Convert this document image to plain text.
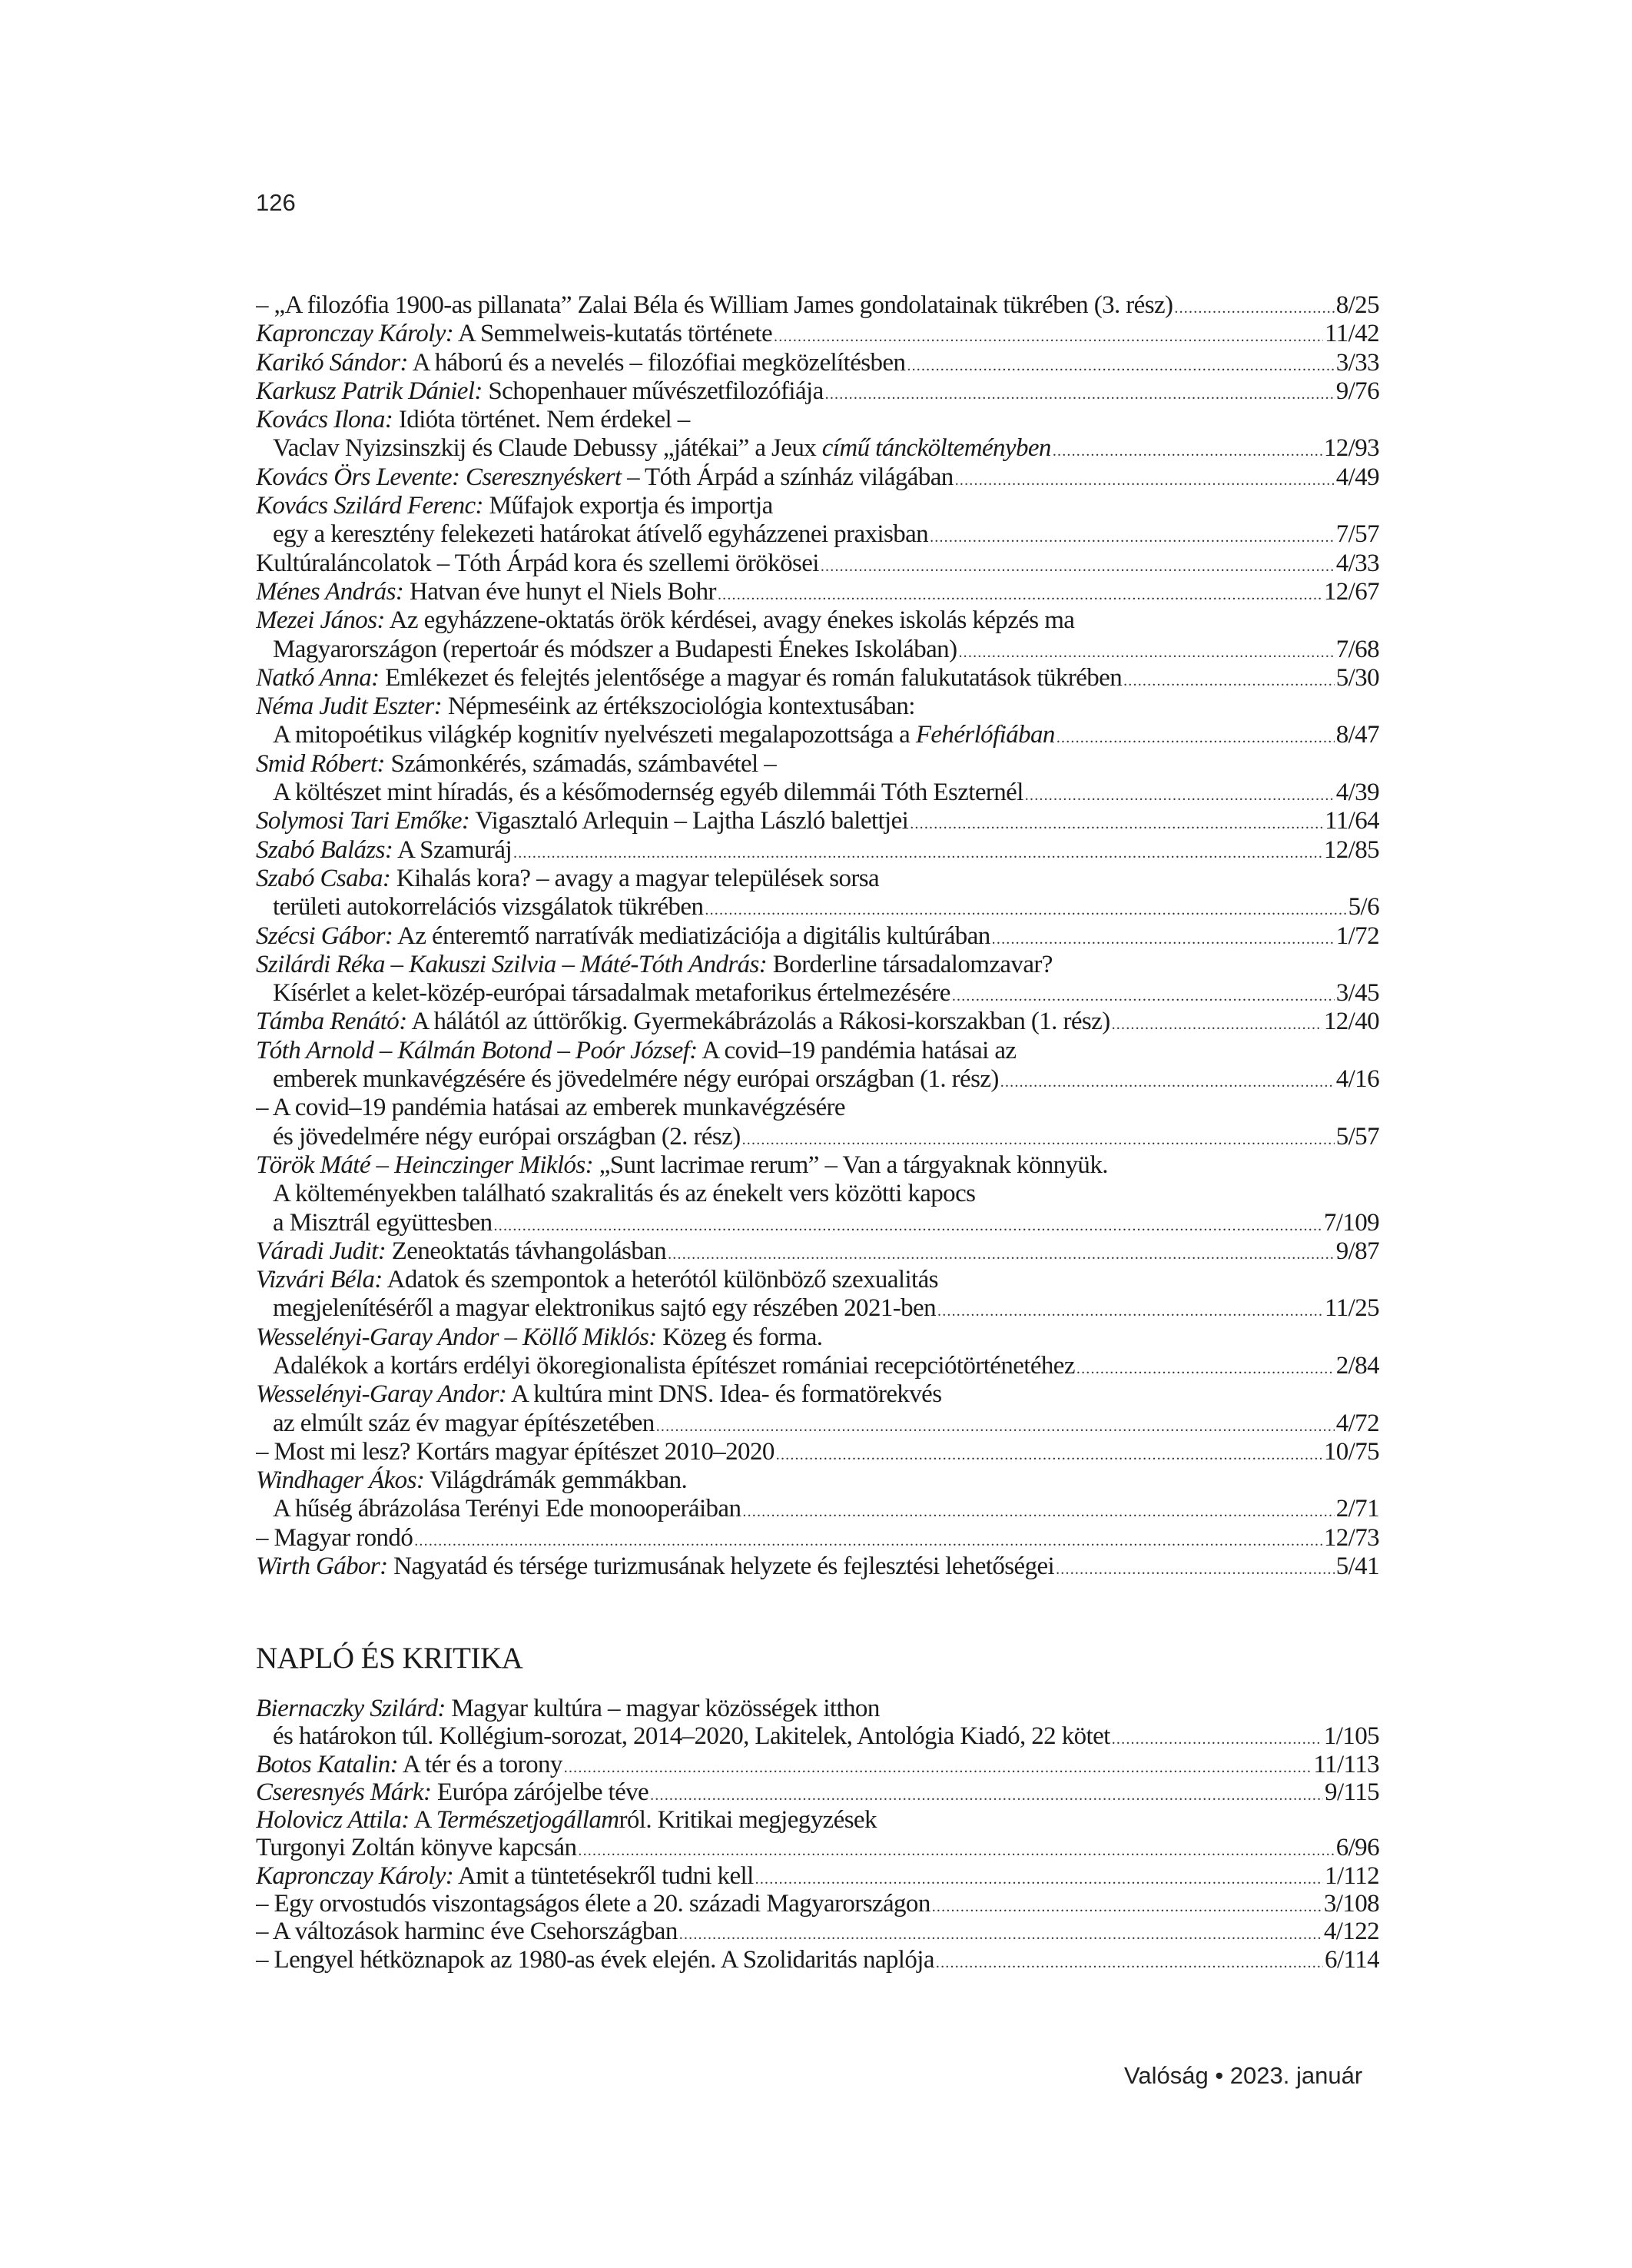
126
– „A filozófia 1900-as pillanata” Zalai Béla és William James gondolatainak tükrében (3. rész) .....	8/25
Kapronczay Károly: A Semmelweis-kutatás története .....	11/42
Karikó Sándor: A háború és a nevelés – filozófiai megközelítésben .....	3/33
Karkusz Patrik Dániel: Schopenhauer művészetfilozófiája .....	9/76
Kovács Ilona: Idióta történet. Nem érdekel –
Vaclav Nyizsinszkij és Claude Debussy „játékai” a Jeux című tánckölteményben .....	12/93
Kovács Örs Levente: Cseresznyéskert – Tóth Árpád a színház világában .....	4/49
Kovács Szilárd Ferenc: Műfajok exportja és importja
egy a keresztény felekezeti határokat átívelő egyházzenei praxisban .....	7/57
Kultúraláncolatok – Tóth Árpád kora és szellemi örökösei .....	4/33
Ménes András: Hatvan éve hunyt el Niels Bohr .....	12/67
Mezei János: Az egyházzene-oktatás örök kérdései, avagy énekes iskolás képzés ma
Magyarországon (repertoár és módszer a Budapesti Énekes Iskolában) .....	7/68
Natkó Anna: Emlékezet és felejtés jelentősége a magyar és román falukutatások tükrében .....	5/30
Néma Judit Eszter: Népmeséink az értékszociológia kontextusában:
A mitopoétikus világkép kognitív nyelvészeti megalapozottsága a Fehérlófiában .....	8/47
Smid Róbert: Számonkérés, számadás, számbavétel –
A költészet mint híradás, és a későmodernség egyéb dilemmái Tóth Eszternél .....	4/39
Solymosi Tari Emőke: Vigasztaló Arlequin – Lajtha László balettjei .....	11/64
Szabó Balázs: A Szamuráj .....	12/85
Szabó Csaba: Kihalás kora? – avagy a magyar települések sorsa
területi autokorrelációs vizsgálatok tükrében .....	5/6
Szécsi Gábor: Az énteremtő narratívák mediatizációja a digitális kultúrában .....	1/72
Szilárdi Réka – Kakuszi Szilvia – Máté-Tóth András: Borderline társadalomzavar?
Kísérlet a kelet-közép-európai társadalmak metaforikus értelmezésére .....	3/45
Támba Renátó: A hálától az úttörőkig. Gyermekábrázolás a Rákosi-korszakban (1. rész) .....	12/40
Tóth Arnold – Kálmán Botond – Poór József: A covid–19 pandémia hatásai az
emberek munkavégzésére és jövedelmére négy európai országban (1. rész) .....	4/16
– A covid–19 pandémia hatásai az emberek munkavégzésére
és jövedelmére négy európai országban (2. rész) .....	5/57
Török Máté – Heinczinger Miklós: „Sunt lacrimae rerum” – Van a tárgyaknak könnyük.
A költeményekben található szakralitás és az énekelt vers közötti kapocs
a Misztrál együttesben .....	7/109
Váradi Judit: Zeneoktatás távhangolásban .....	9/87
Vizvári Béla: Adatok és szempontok a heterótól különböző szexualitás
megjelenítéséről a magyar elektronikus sajtó egy részében 2021-ben .....	11/25
Wesselényi-Garay Andor – Köllő Miklós: Közeg és forma.
Adalékok a kortárs erdélyi ökoregionalista építészet romániai recepciótörténetéhez .....	2/84
Wesselényi-Garay Andor: A kultúra mint DNS. Idea- és formatörekvés
az elmúlt száz év magyar építészetében .....	4/72
– Most mi lesz? Kortárs magyar építészet 2010–2020 .....	10/75
Windhager Ákos: Világdrámák gemmákban.
A hűség ábrázolása Terényi Ede monooperáiban .....	2/71
– Magyar rondó .....	12/73
Wirth Gábor: Nagyatád és térsége turizmusának helyzete és fejlesztési lehetőségei .....	5/41
NAPLÓ ÉS KRITIKA
Biernaczky Szilárd: Magyar kultúra – magyar közösségek itthon
és határokon túl. Kollégium-sorozat, 2014–2020, Lakitelek, Antológia Kiadó, 22 kötet .....	1/105
Botos Katalin: A tér és a torony .....	11/113
Cseresnyés Márk: Európa zárójelbe téve .....	9/115
Holovicz Attila: A Természetjogállamról. Kritikai megjegyzések
Turgonyi Zoltán könyve kapcsán .....	6/96
Kapronczay Károly: Amit a tüntetésekről tudni kell .....	1/112
– Egy orvostudós viszontagságos élete a 20. századi Magyarországon .....	3/108
– A változások harminc éve Csehországban .....	4/122
– Lengyel hétköznapok az 1980-as évek elején. A Szolidaritás naplója .....	6/114
Valóság • 2023. január
